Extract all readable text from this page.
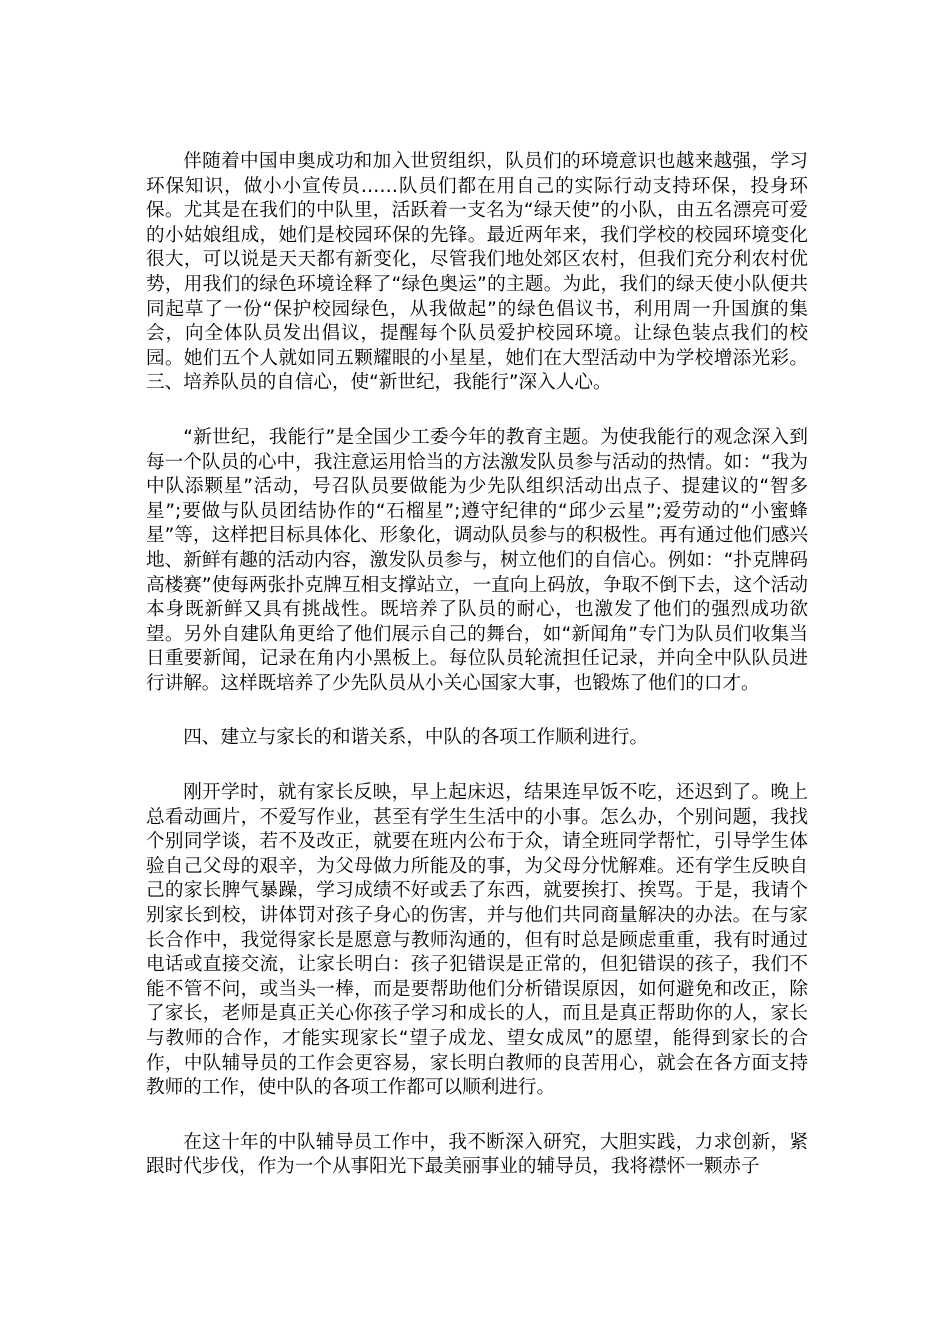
伴随着中国申奥成功和加入世贸组织，队员们的环境意识也越来越强，学习环保知识，做小小宣传员……队员们都在用自己的实际行动支持环保，投身环保。尤其是在我们的中队里，活跃着一支名为“绿天使”的小队，由五名漂亮可爱的小姑娘组成，她们是校园环保的先锋。最近两年来，我们学校的校园环境变化很大，可以说是天天都有新变化，尽管我们地处郊区农村，但我们充分利农村优势，用我们的绿色环境诠释了“绿色奥运”的主题。为此，我们的绿天使小队便共同起草了一份“保护校园绿色，从我做起”的绿色倡议书，利用周一升国旗的集会，向全体队员发出倡议，提醒每个队员爱护校园环境。让绿色装点我们的校园。她们五个人就如同五颗耀眼的小星星，她们在大型活动中为学校增添光彩。三、培养队员的自信心，使“新世纪，我能行”深入人心。

“新世纪，我能行”是全国少工委今年的教育主题。为使我能行的观念深入到每一个队员的心中，我注意运用恰当的方法激发队员参与活动的热情。如：“我为中队添颗星”活动，号召队员要做能为少先队组织活动出点子、提建议的“智多星”;要做与队员团结协作的“石榴星”;遵守纪律的“邱少云星”;爱劳动的“小蜜蜂星”等，这样把目标具体化、形象化，调动队员参与的积极性。再有通过他们感兴地、新鲜有趣的活动内容，激发队员参与，树立他们的自信心。例如：“扑克牌码高楼赛”使每两张扑克牌互相支撑站立，一直向上码放，争取不倒下去，这个活动本身既新鲜又具有挑战性。既培养了队员的耐心，也激发了他们的强烈成功欲望。另外自建队角更给了他们展示自己的舞台，如“新闻角”专门为队员们收集当日重要新闻，记录在角内小黑板上。每位队员轮流担任记录，并向全中队队员进行讲解。这样既培养了少先队员从小关心国家大事，也锻炼了他们的口才。

四、建立与家长的和谐关系，中队的各项工作顺利进行。

刚开学时，就有家长反映，早上起床迟，结果连早饭不吃，还迟到了。晚上总看动画片，不爱写作业，甚至有学生生活中的小事。怎么办，个别问题，我找个别同学谈，若不及改正，就要在班内公布于众，请全班同学帮忙，引导学生体验自己父母的艰辛，为父母做力所能及的事，为父母分忧解难。还有学生反映自己的家长脾气暴躁，学习成绩不好或丢了东西，就要挨打、挨骂。于是，我请个别家长到校，讲体罚对孩子身心的伤害，并与他们共同商量解决的办法。在与家长合作中，我觉得家长是愿意与教师沟通的，但有时总是顾虑重重，我有时通过电话或直接交流，让家长明白：孩子犯错误是正常的，但犯错误的孩子，我们不能不管不问，或当头一棒，而是要帮助他们分析错误原因，如何避免和改正，除了家长，老师是真正关心你孩子学习和成长的人，而且是真正帮助你的人，家长与教师的合作，才能实现家长“望子成龙、望女成凤”的愿望，能得到家长的合作，中队辅导员的工作会更容易，家长明白教师的良苦用心，就会在各方面支持教师的工作，使中队的各项工作都可以顺利进行。

在这十年的中队辅导员工作中，我不断深入研究，大胆实践，力求创新，紧跟时代步伐，作为一个从事阳光下最美丽事业的辅导员，我将襟怀一颗赤子
